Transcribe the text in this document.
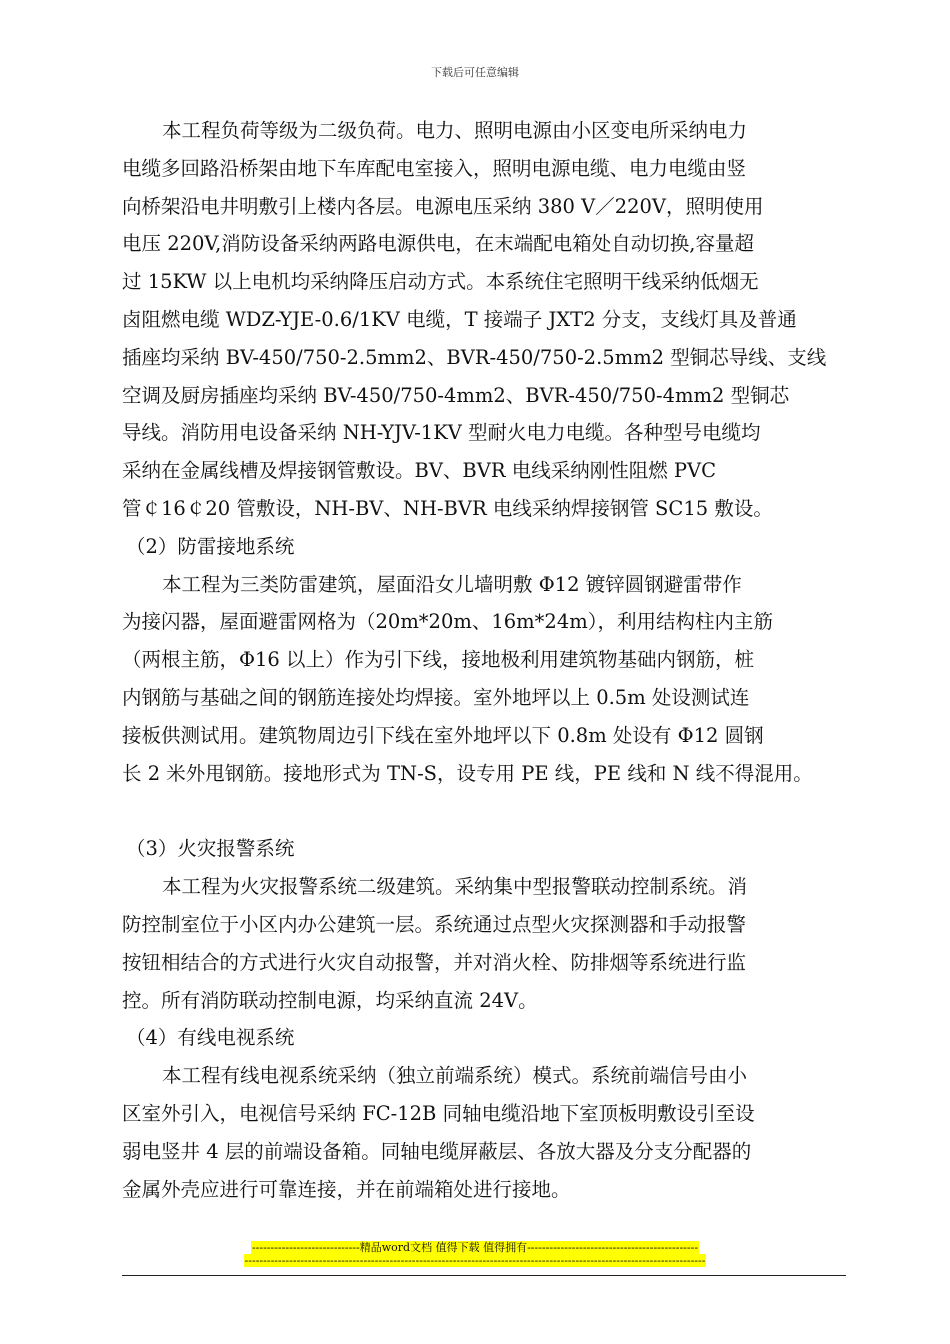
下载后可任意编辑
本工程负荷等级为二级负荷。电力、照明电源由小区变电所采纳电力
电缆多回路沿桥架由地下车库配电室接入，照明电源电缆、电力电缆由竖
向桥架沿电井明敷引上楼内各层。电源电压采纳 380 V／220V，照明使用
电压 220V,消防设备采纳两路电源供电，在末端配电箱处自动切换,容量超
过 15KW 以上电机均采纳降压启动方式。本系统住宅照明干线采纳低烟无
卤阻燃电缆 WDZ-YJE-0.6/1KV 电缆，T 接端子 JXT2 分支，支线灯具及普通
插座均采纳 BV-450/750-2.5mm2、BVR-450/750-2.5mm2 型铜芯导线、支线
空调及厨房插座均采纳 BV-450/750-4mm2、BVR-450/750-4mm2 型铜芯
导线。消防用电设备采纳 NH-YJV-1KV 型耐火电力电缆。各种型号电缆均
采纳在金属线槽及焊接钢管敷设。BV、BVR 电线采纳刚性阻燃 PVC
管￠16￠20 管敷设，NH-BV、NH-BVR 电线采纳焊接钢管 SC15 敷设。
（2）防雷接地系统
本工程为三类防雷建筑，屋面沿女儿墙明敷 Φ12 镀锌圆钢避雷带作
为接闪器，屋面避雷网格为（20m*20m、16m*24m），利用结构柱内主筋
（两根主筋，Φ16 以上）作为引下线，接地极利用建筑物基础内钢筋，桩
内钢筋与基础之间的钢筋连接处均焊接。室外地坪以上 0.5m 处设测试连
接板供测试用。建筑物周边引下线在室外地坪以下 0.8m 处设有 Φ12 圆钢
长 2 米外甩钢筋。接地形式为 TN-S，设专用 PE 线，PE 线和 N 线不得混用。
（3）火灾报警系统
本工程为火灾报警系统二级建筑。采纳集中型报警联动控制系统。消
防控制室位于小区内办公建筑一层。系统通过点型火灾探测器和手动报警
按钮相结合的方式进行火灾自动报警，并对消火栓、防排烟等系统进行监
控。所有消防联动控制电源，均采纳直流 24V。
（4）有线电视系统
本工程有线电视系统采纳（独立前端系统）模式。系统前端信号由小
区室外引入，电视信号采纳 FC-12B 同轴电缆沿地下室顶板明敷设引至设
弱电竖井 4 层的前端设备箱。同轴电缆屏蔽层、各放大器及分支分配器的
金属外壳应进行可靠连接，并在前端箱处进行接地。
-----------------------------精品word文档 值得下载 值得拥有----------------------------------------------
----------------------------------------------------------------------------------------------------------------------------
